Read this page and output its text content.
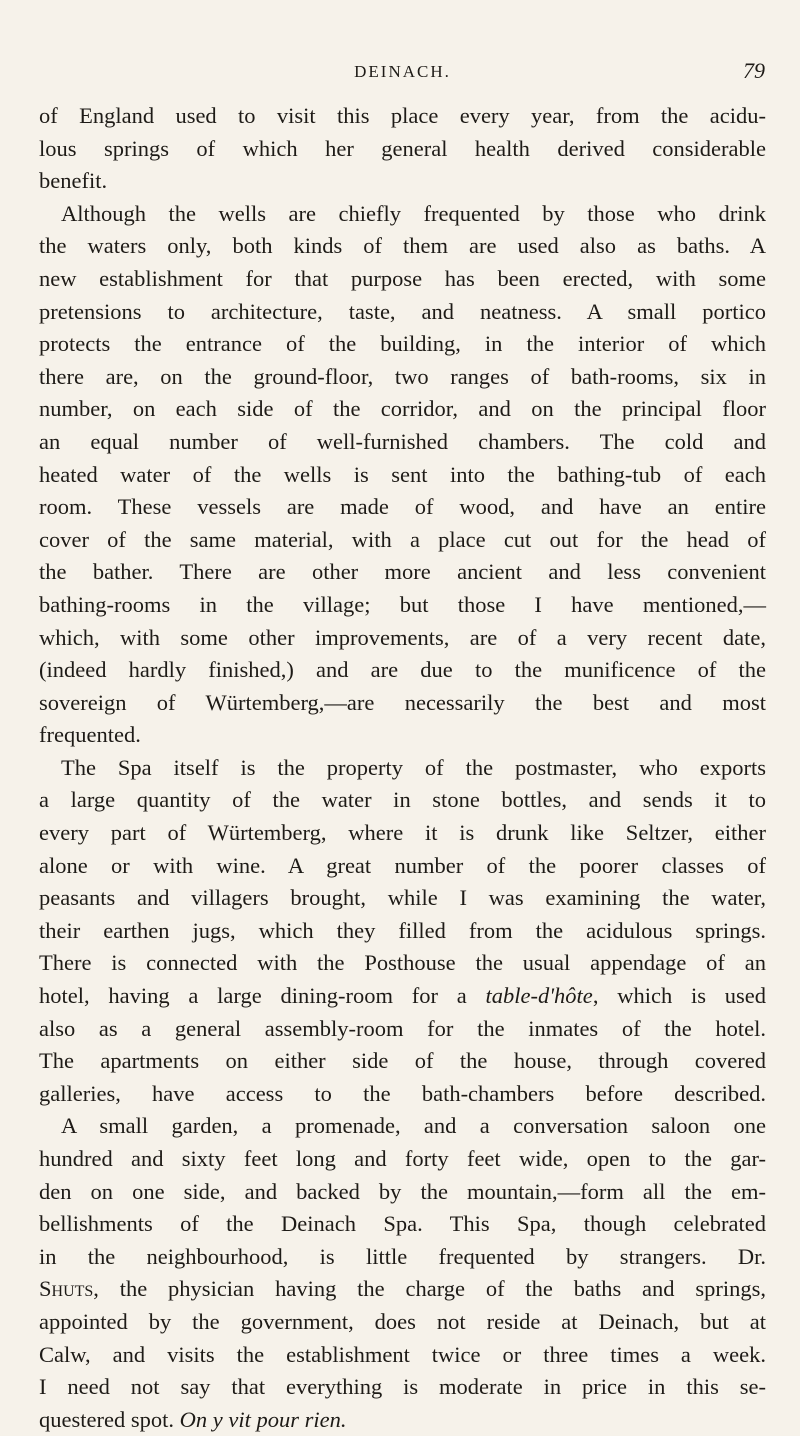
DEINACH.	79
of England used to visit this place every year, from the acidu-
lous springs of which her general health derived considerable
benefit.
Although the wells are chiefly frequented by those who drink
the waters only, both kinds of them are used also as baths. A
new establishment for that purpose has been erected, with some
pretensions to architecture, taste, and neatness. A small portico
protects the entrance of the building, in the interior of which
there are, on the ground-floor, two ranges of bath-rooms, six in
number, on each side of the corridor, and on the principal floor
an equal number of well-furnished chambers. The cold and
heated water of the wells is sent into the bathing-tub of each
room. These vessels are made of wood, and have an entire
cover of the same material, with a place cut out for the head of
the bather. There are other more ancient and less convenient
bathing-rooms in the village; but those I have mentioned,—
which, with some other improvements, are of a very recent date,
(indeed hardly finished,) and are due to the munificence of the
sovereign of Würtemberg,—are necessarily the best and most
frequented.
The Spa itself is the property of the postmaster, who exports
a large quantity of the water in stone bottles, and sends it to
every part of Würtemberg, where it is drunk like Seltzer, either
alone or with wine. A great number of the poorer classes of
peasants and villagers brought, while I was examining the water,
their earthen jugs, which they filled from the acidulous springs.
There is connected with the Posthouse the usual appendage of an
hotel, having a large dining-room for a table-d'hôte, which is used
also as a general assembly-room for the inmates of the hotel.
The apartments on either side of the house, through covered
galleries, have access to the bath-chambers before described.
A small garden, a promenade, and a conversation saloon one
hundred and sixty feet long and forty feet wide, open to the gar-
den on one side, and backed by the mountain,—form all the em-
bellishments of the Deinach Spa. This Spa, though celebrated
in the neighbourhood, is little frequented by strangers. Dr.
Shuts, the physician having the charge of the baths and springs,
appointed by the government, does not reside at Deinach, but at
Calw, and visits the establishment twice or three times a week.
I need not say that everything is moderate in price in this se-
questered spot. On y vit pour rien.
